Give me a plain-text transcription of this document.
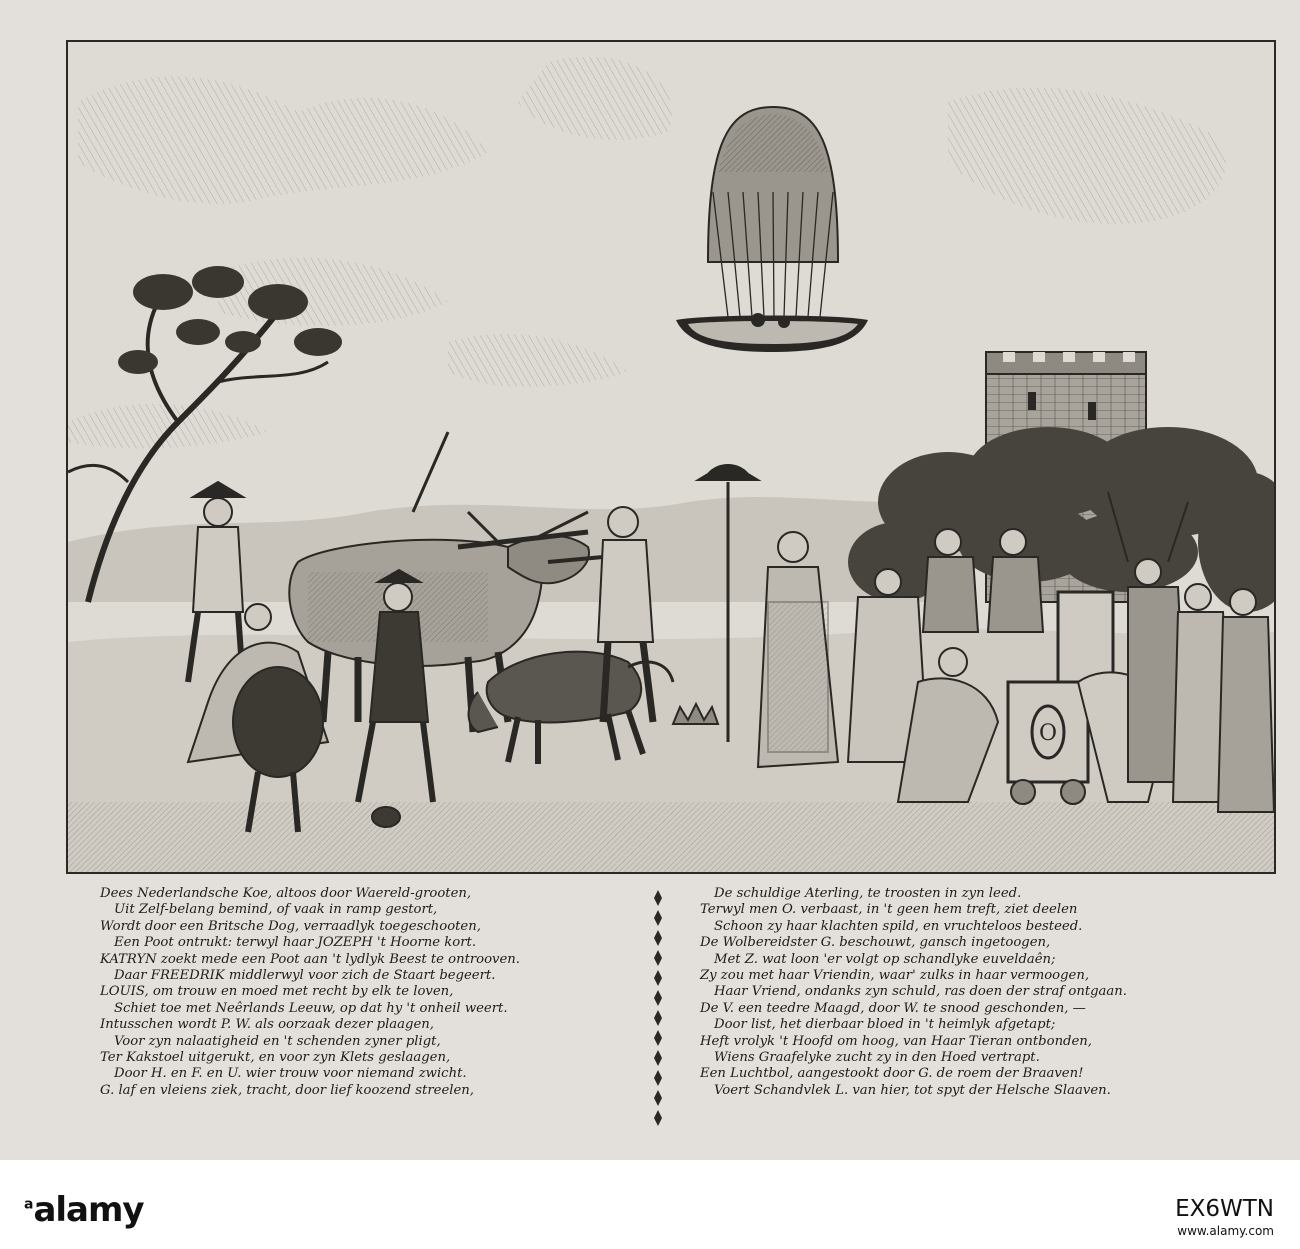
O
Dees Nederlandsche Koe, altoos door Waereld-grooten,
Uit Zelf-belang bemind, of vaak in ramp gestort,
Wordt door een Britsche Dog, verraadlyk toegeschooten,
Een Poot ontrukt: terwyl haar JOZEPH 't Hoorne kort.
KATRYN zoekt mede een Poot aan 't lydlyk Beest te ontrooven.
Daar FREEDRIK middlerwyl voor zich de Staart begeert.
LOUIS, om trouw en moed met recht by elk te loven,
Schiet toe met Neêrlands Leeuw, op dat hy 't onheil weert.
Intusschen wordt P. W. als oorzaak dezer plaagen,
Voor zyn nalaatigheid en 't schenden zyner pligt,
Ter Kakstoel uitgerukt, en voor zyn Klets geslaagen,
Door H. en F. en U. wier trouw voor niemand zwicht.
G. laf en vleiens ziek, tracht, door lief koozend streelen,
De schuldige Aterling, te troosten in zyn leed.
Terwyl men O. verbaast, in 't geen hem treft, ziet deelen
Schoon zy haar klachten spild, en vruchteloos besteed.
De Wolbereidster G. beschouwt, gansch ingetoogen,
Met Z. wat loon 'er volgt op schandlyke euveldaên;
Zy zou met haar Vriendin, waar' zulks in haar vermoogen,
Haar Vriend, ondanks zyn schuld, ras doen der straf ontgaan.
De V. een teedre Maagd, door W. te snood geschonden, —
Door list, het dierbaar bloed in 't heimlyk afgetapt;
Heft vrolyk 't Hoofd om hoog, van Haar Tieran ontbonden,
Wiens Graafelyke zucht zy in den Hoed vertrapt.
Een Luchtbol, aangestookt door G. de roem der Braaven!
Voert Schandvlek L. van hier, tot spyt der Helsche Slaaven.
$^a$alamy	EX6WTN
www.alamy.com
